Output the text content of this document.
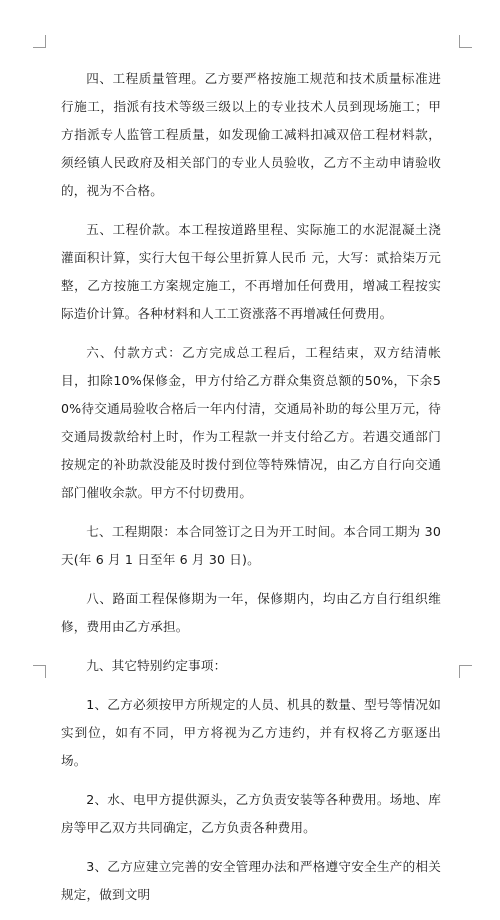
四、工程质量管理。乙方要严格按施工规范和技术质量标准进行施工，指派有技术等级三级以上的专业技术人员到现场施工；甲方指派专人监管工程质量，如发现偷工减料扣减双倍工程材料款，须经镇人民政府及相关部门的专业人员验收，乙方不主动申请验收的，视为不合格。

五、工程价款。本工程按道路里程、实际施工的水泥混凝土浇灌面积计算，实行大包干每公里折算人民币 元，大写：贰拾柒万元整，乙方按施工方案规定施工，不再增加任何费用，增减工程按实际造价计算。各种材料和人工工资涨落不再增减任何费用。

六、付款方式：乙方完成总工程后，工程结束，双方结清帐目，扣除10%保修金，甲方付给乙方群众集资总额的50%，下余50%待交通局验收合格后一年内付清，交通局补助的每公里万元，待交通局拨款给村上时，作为工程款一并支付给乙方。若遇交通部门按规定的补助款没能及时拨付到位等特殊情况，由乙方自行向交通部门催收余款。甲方不付切费用。

七、工程期限：本合同签订之日为开工时间。本合同工期为 30 天(年 6 月 1 日至年 6 月 30 日)。

八、路面工程保修期为一年，保修期内，均由乙方自行组织维修，费用由乙方承担。

九、其它特别约定事项：

1、乙方必须按甲方所规定的人员、机具的数量、型号等情况如实到位，如有不同，甲方将视为乙方违约，并有权将乙方驱逐出场。

2、水、电甲方提供源头，乙方负责安装等各种费用。场地、库房等甲乙双方共同确定，乙方负责各种费用。

3、乙方应建立完善的安全管理办法和严格遵守安全生产的相关规定，做到文明
